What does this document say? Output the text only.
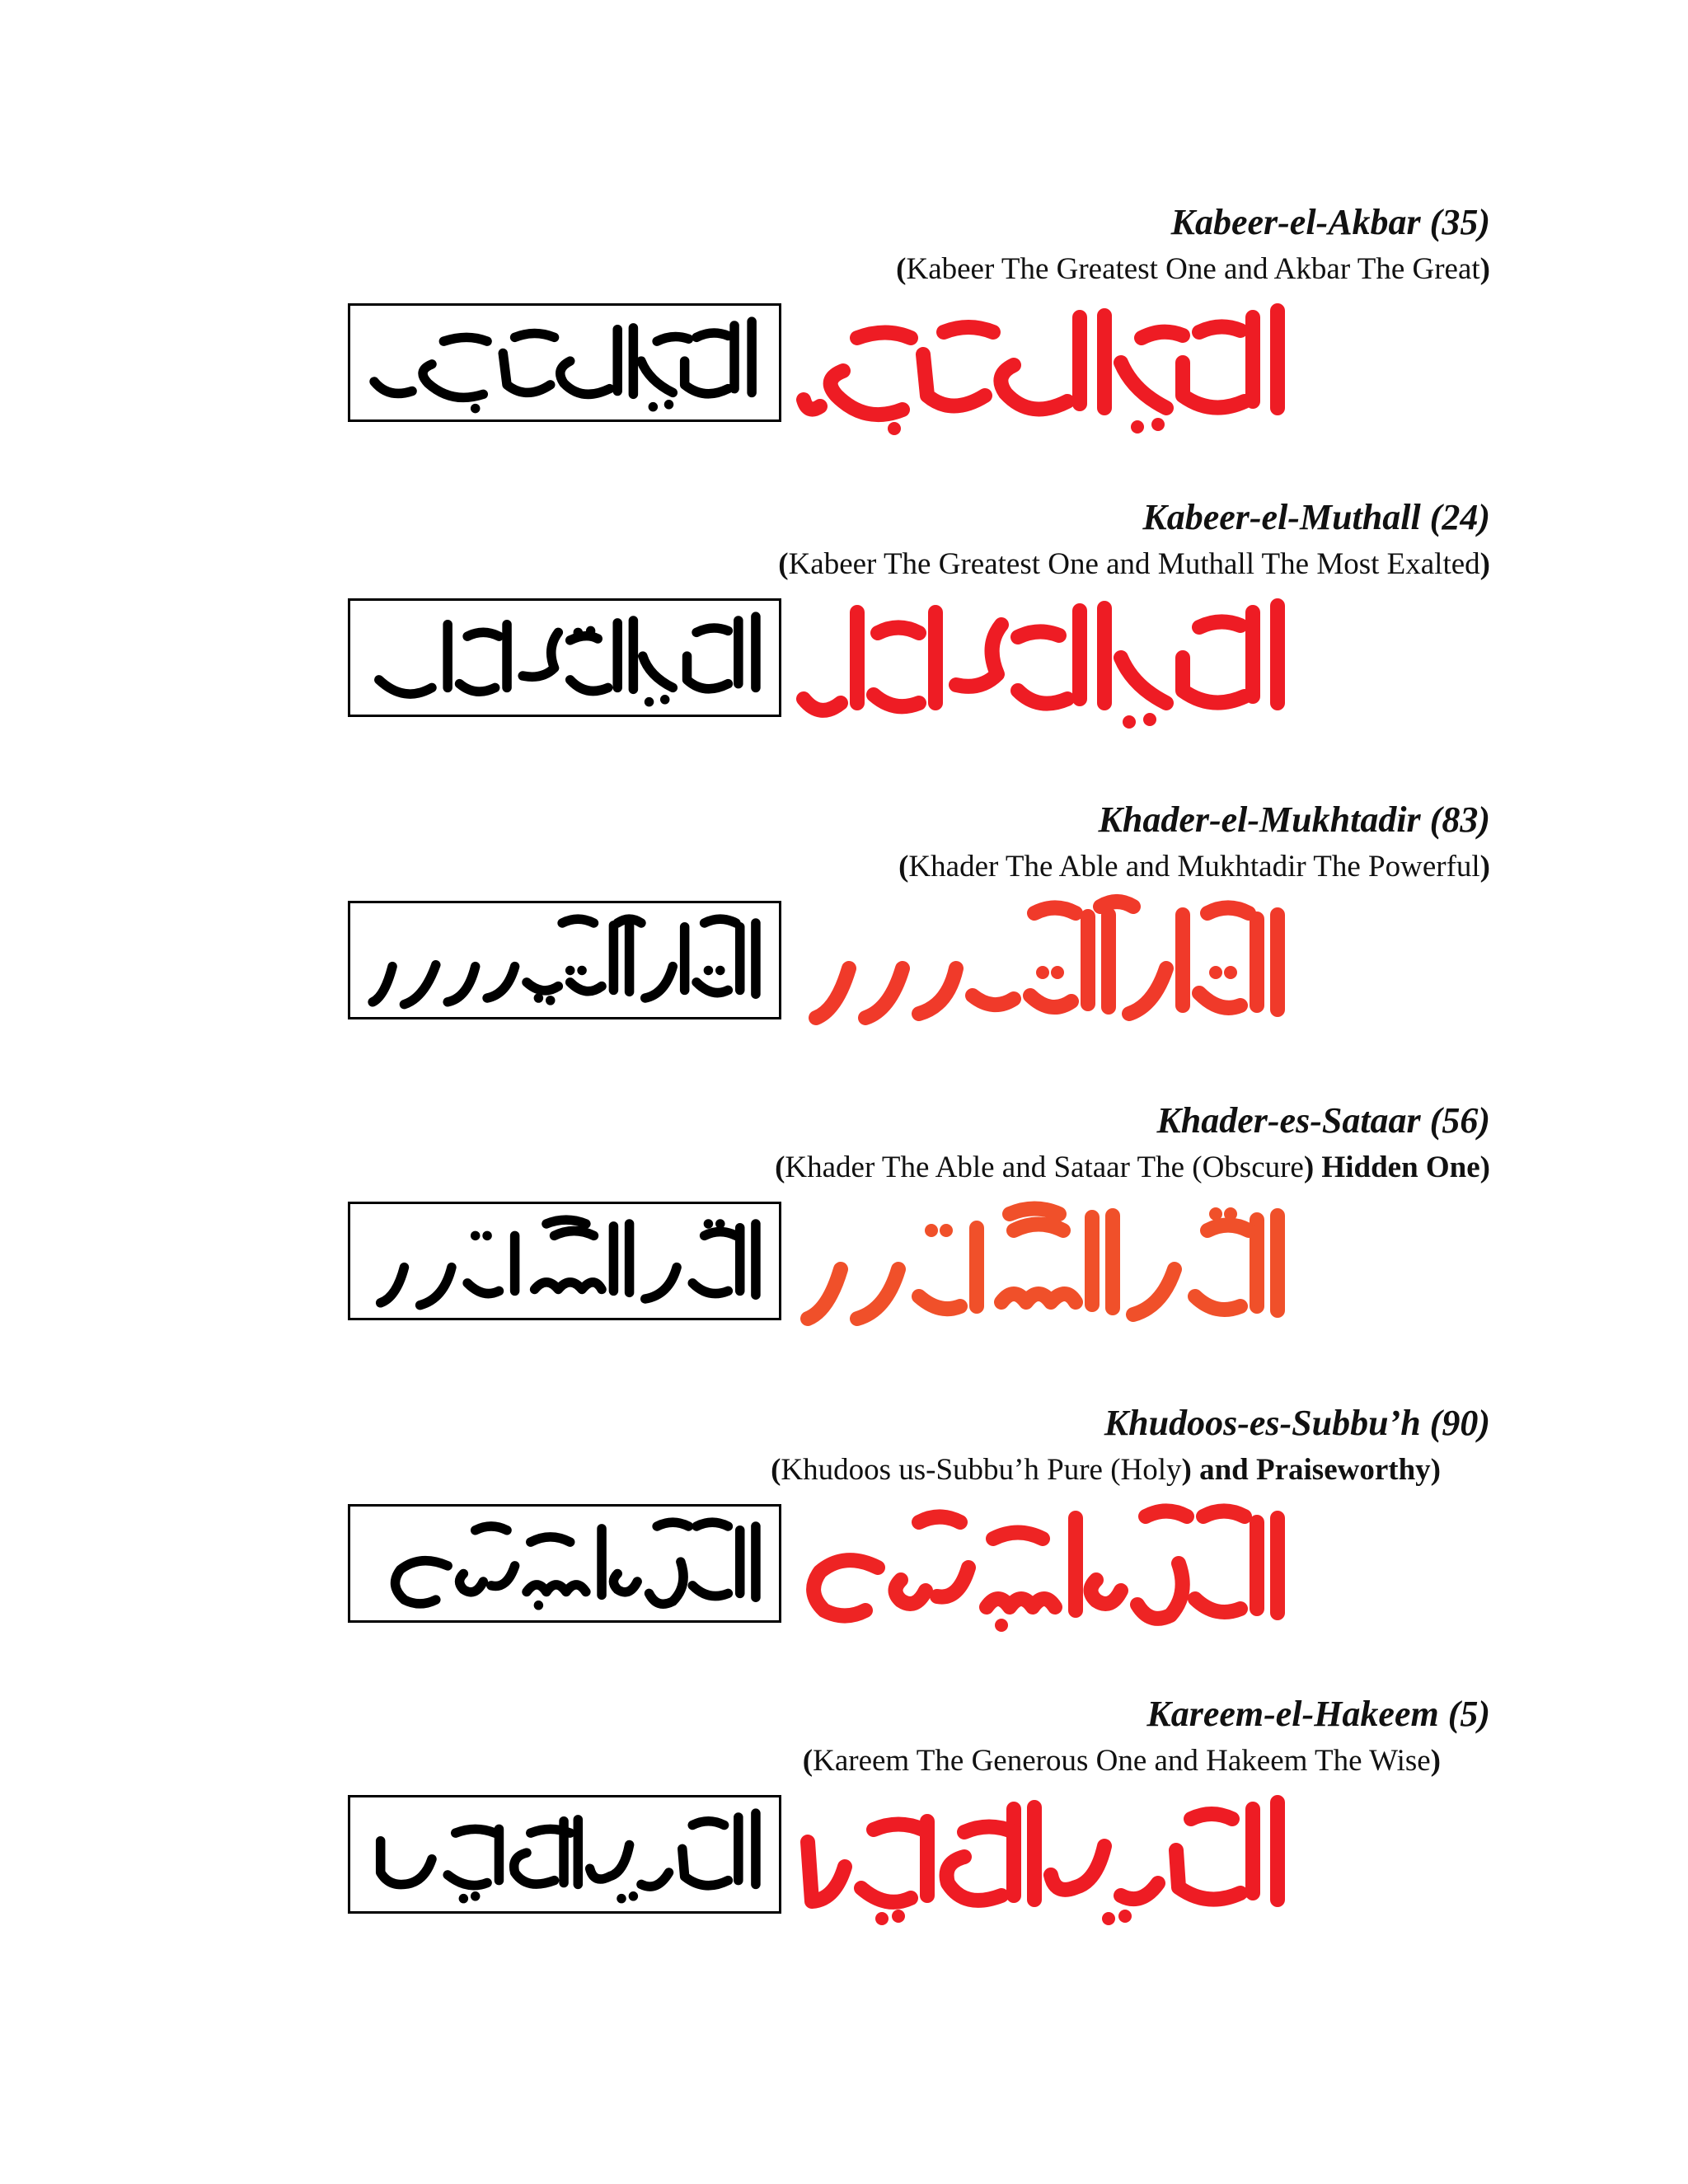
Kabeer-el-Akbar (35)
(Kabeer The Greatest One and Akbar The Great)
Kabeer-el-Muthall (24)
(Kabeer The Greatest One and Muthall The Most Exalted)
Khader-el-Mukhtadir (83)
(Khader The Able and Mukhtadir The Powerful)
Khader-es-Sataar (56)
(Khader The Able and Sataar The (Obscure) Hidden One)
Khudoos-es-Subbu’h (90)
(Khudoos us-Subbu’h Pure (Holy) and Praiseworthy)
Kareem-el-Hakeem (5)
(Kareem The Generous One and Hakeem The Wise)
